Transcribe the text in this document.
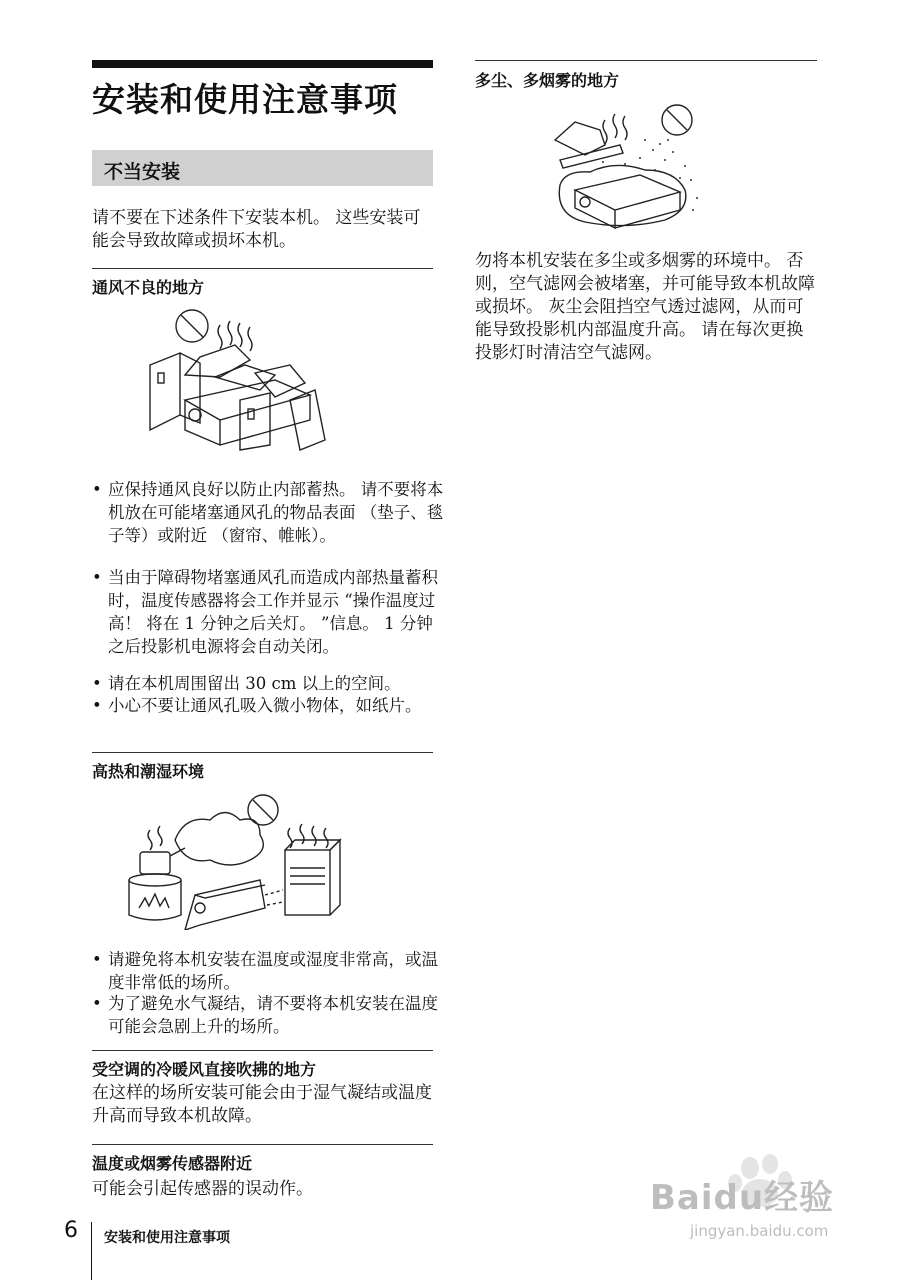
安装和使用注意事项
不当安装
请不要在下述条件下安装本机。 这些安装可能会导致故障或损坏本机。
通风不良的地方
• 应保持通风良好以防止内部蓄热。 请不要将本机放在可能堵塞通风孔的物品表面 （垫子、毯子等）或附近 （窗帘、帷帐）。
• 当由于障碍物堵塞通风孔而造成内部热量蓄积时，温度传感器将会工作并显示 “操作温度过高！ 将在 1 分钟之后关灯。 ”信息。 1 分钟之后投影机电源将会自动关闭。
• 请在本机周围留出 30 cm 以上的空间。
• 小心不要让通风孔吸入微小物体，如纸片。
高热和潮湿环境
• 请避免将本机安装在温度或湿度非常高，或温度非常低的场所。
• 为了避免水气凝结，请不要将本机安装在温度可能会急剧上升的场所。
受空调的冷暖风直接吹拂的地方
在这样的场所安装可能会由于湿气凝结或温度升高而导致本机故障。
温度或烟雾传感器附近
可能会引起传感器的误动作。
多尘、多烟雾的地方
勿将本机安装在多尘或多烟雾的环境中。 否则，空气滤网会被堵塞，并可能导致本机故障或损坏。 灰尘会阻挡空气透过滤网，从而可能导致投影机内部温度升高。 请在每次更换投影灯时清洁空气滤网。
6 安装和使用注意事项
Baidu经验
jingyan.baidu.com
